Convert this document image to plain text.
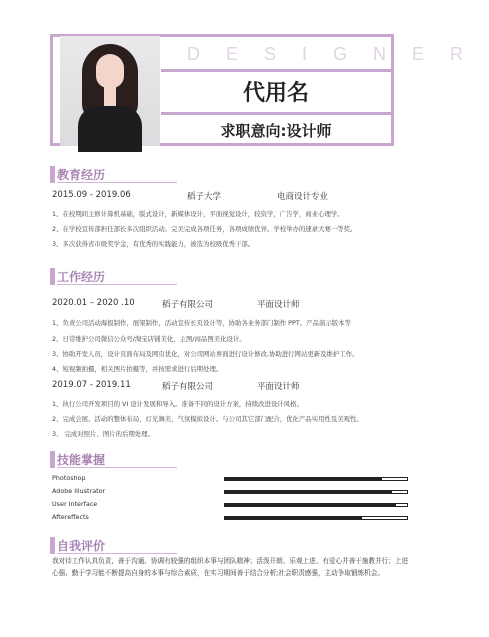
DESIGNER
代用名
求职意向:设计师
教育经历
2015.09 - 2019.06	稻子大学	电商设计专业
1、在校期间主修计算机基础，版式设计，新媒体设计，平面视觉设计，较资学，广告学，商业心理学。
2、在学校宣传部担任部长多次组织活动。完美完成各项任务，各项成绩优异。学校举办的速录大赛一等奖。
3、多次获得省市级奖学金，有优秀的实践能力，被选为校级优秀干部。
工作经历
2020.01 – 2020 .10	稻子有限公司	平面设计师
1、负责公司活动海报制作，展架制作，活动宣传长页设计等，协助各业务部门制作 PPT、产品演示版本等
2、日常维护公司微信公众号/淘宝店铺美化，主图/商品图美化设计。
3、协助开发人员，设计页面布局及网页优化，对公司网站界面进行设计修改,协助进行网站更新及维护工作。
4、短视频拍摄，相关图片拍摄等，并按需求进行后期处理。
2019.07 - 2019.11	稻子有限公司	平面设计师
1、执行公司开发项目的 VI 设计发展和导入。准备不同的设计方案，持续改进设计风格。
2、完成会展、活动的整体布局，灯光舞美、气氛模拟设计。与公司其它部门配合，优化产品实用性及美观性。
3、 完成对照片、图片的后期处理。
技能掌握
Photoshop
Adobe Illustrator
User Interface
Aftereffects
自我评价
我对待工作认真负责，善于沟通、协调有较强的组织本事与团队精神；活泼开朗、乐观上进、有爱心并善于施教并行；上进心强、勤于学习能不断提高自身的本事与综合素质，在实习期间善于结合分析;社会职责感强，主动争取锻炼机会。
